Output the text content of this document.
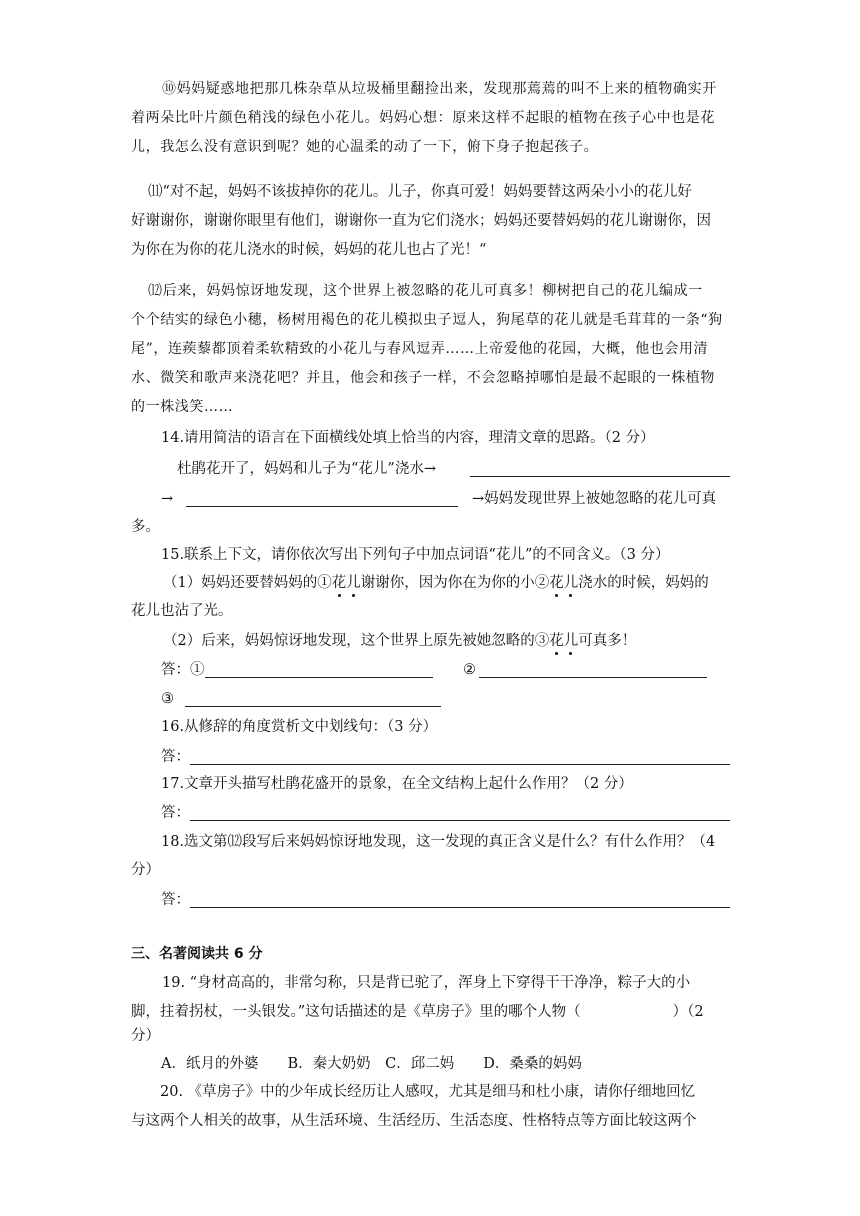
⑩妈妈疑惑地把那几株杂草从垃圾桶里翻捡出来，发现那蔫蔫的叫不上来的植物确实开
着两朵比叶片颜色稍浅的绿色小花儿。妈妈心想：原来这样不起眼的植物在孩子心中也是花
儿，我怎么没有意识到呢？她的心温柔的动了一下，俯下身子抱起孩子。
⑾“对不起，妈妈不该拔掉你的花儿。儿子，你真可爱！妈妈要替这两朵小小的花儿好
好谢谢你，谢谢你眼里有他们，谢谢你一直为它们浇水；妈妈还要替妈妈的花儿谢谢你，因
为你在为你的花儿浇水的时候，妈妈的花儿也占了光！“
⑿后来，妈妈惊讶地发现，这个世界上被忽略的花儿可真多！柳树把自己的花儿编成一
个个结实的绿色小穗，杨树用褐色的花儿模拟虫子逗人，狗尾草的花儿就是毛茸茸的一条“狗
尾”，连蒺藜都顶着柔软精致的小花儿与春风逗弄……上帝爱他的花园，大概，他也会用清
水、微笑和歌声来浇花吧？并且，他会和孩子一样，不会忽略掉哪怕是最不起眼的一株植物
的一株浅笑……
14.请用简洁的语言在下面横线处填上恰当的内容，理清文章的思路。（2 分）
杜鹃花开了，妈妈和儿子为“花儿”浇水→
→	→妈妈发现世界上被她忽略的花儿可真
多。
15.联系上下文，请你依次写出下列句子中加点词语“花儿”的不同含义。（3 分）
（1）妈妈还要替妈妈的①花儿谢谢你，因为你在为你的小②花儿浇水的时候，妈妈的
花儿也沾了光。
（2）后来，妈妈惊讶地发现，这个世界上原先被她忽略的③花儿可真多！
答：①	②
③
16.从修辞的角度赏析文中划线句：（3 分）
答：
17.文章开头描写杜鹃花盛开的景象，在全文结构上起什么作用？（2 分）
答：
18.选文第⑿段写后来妈妈惊讶地发现，这一发现的真正含义是什么？有什么作用？（4
分）
答：
三、名著阅读共 6 分
19. “身材高高的，非常匀称，只是背已驼了，浑身上下穿得干干净净，粽子大的小
脚，拄着拐杖，一头银发。”这句话描述的是《草房子》里的哪个人物（	）（2
分）
A．纸月的外婆　　B．秦大奶奶　C．邱二妈　　D．桑桑的妈妈
20. 《草房子》中的少年成长经历让人感叹，尤其是细马和杜小康，请你仔细地回忆
与这两个人相关的故事，从生活环境、生活经历、生活态度、性格特点等方面比较这两个
